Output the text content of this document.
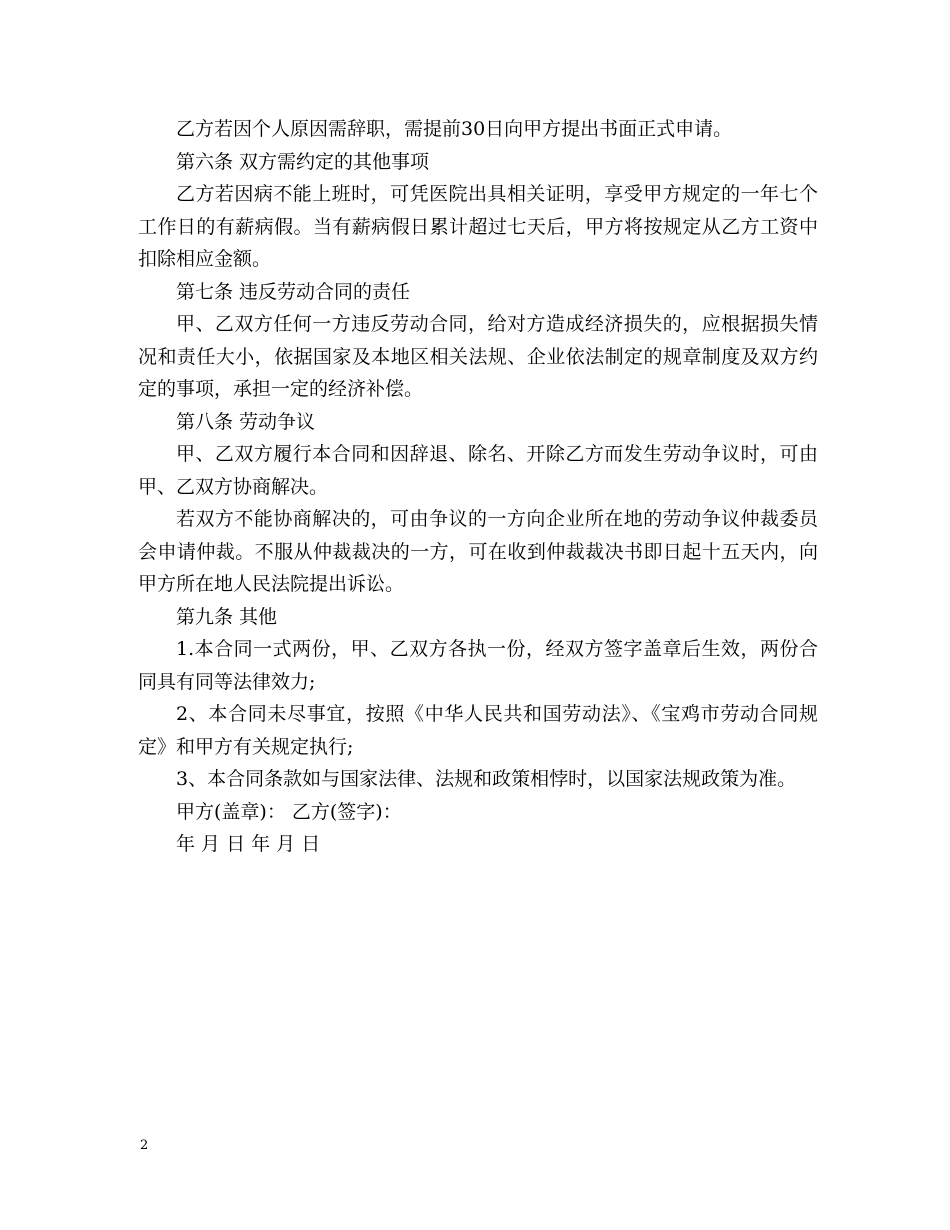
乙方若因个人原因需辞职，需提前30日向甲方提出书面正式申请。

第六条 双方需约定的其他事项

乙方若因病不能上班时，可凭医院出具相关证明，享受甲方规定的一年七个工作日的有薪病假。当有薪病假日累计超过七天后，甲方将按规定从乙方工资中扣除相应金额。

第七条 违反劳动合同的责任

甲、乙双方任何一方违反劳动合同，给对方造成经济损失的，应根据损失情况和责任大小，依据国家及本地区相关法规、企业依法制定的规章制度及双方约定的事项，承担一定的经济补偿。

第八条 劳动争议

甲、乙双方履行本合同和因辞退、除名、开除乙方而发生劳动争议时，可由甲、乙双方协商解决。

若双方不能协商解决的，可由争议的一方向企业所在地的劳动争议仲裁委员会申请仲裁。不服从仲裁裁决的一方，可在收到仲裁裁决书即日起十五天内，向甲方所在地人民法院提出诉讼。

第九条 其他

1.本合同一式两份，甲、乙双方各执一份，经双方签字盖章后生效，两份合同具有同等法律效力;

2、本合同未尽事宜，按照《中华人民共和国劳动法》、《宝鸡市劳动合同规定》和甲方有关规定执行;

3、本合同条款如与国家法律、法规和政策相悖时，以国家法规政策为准。

甲方(盖章)： 乙方(签字)：

年 月 日 年 月 日

2
